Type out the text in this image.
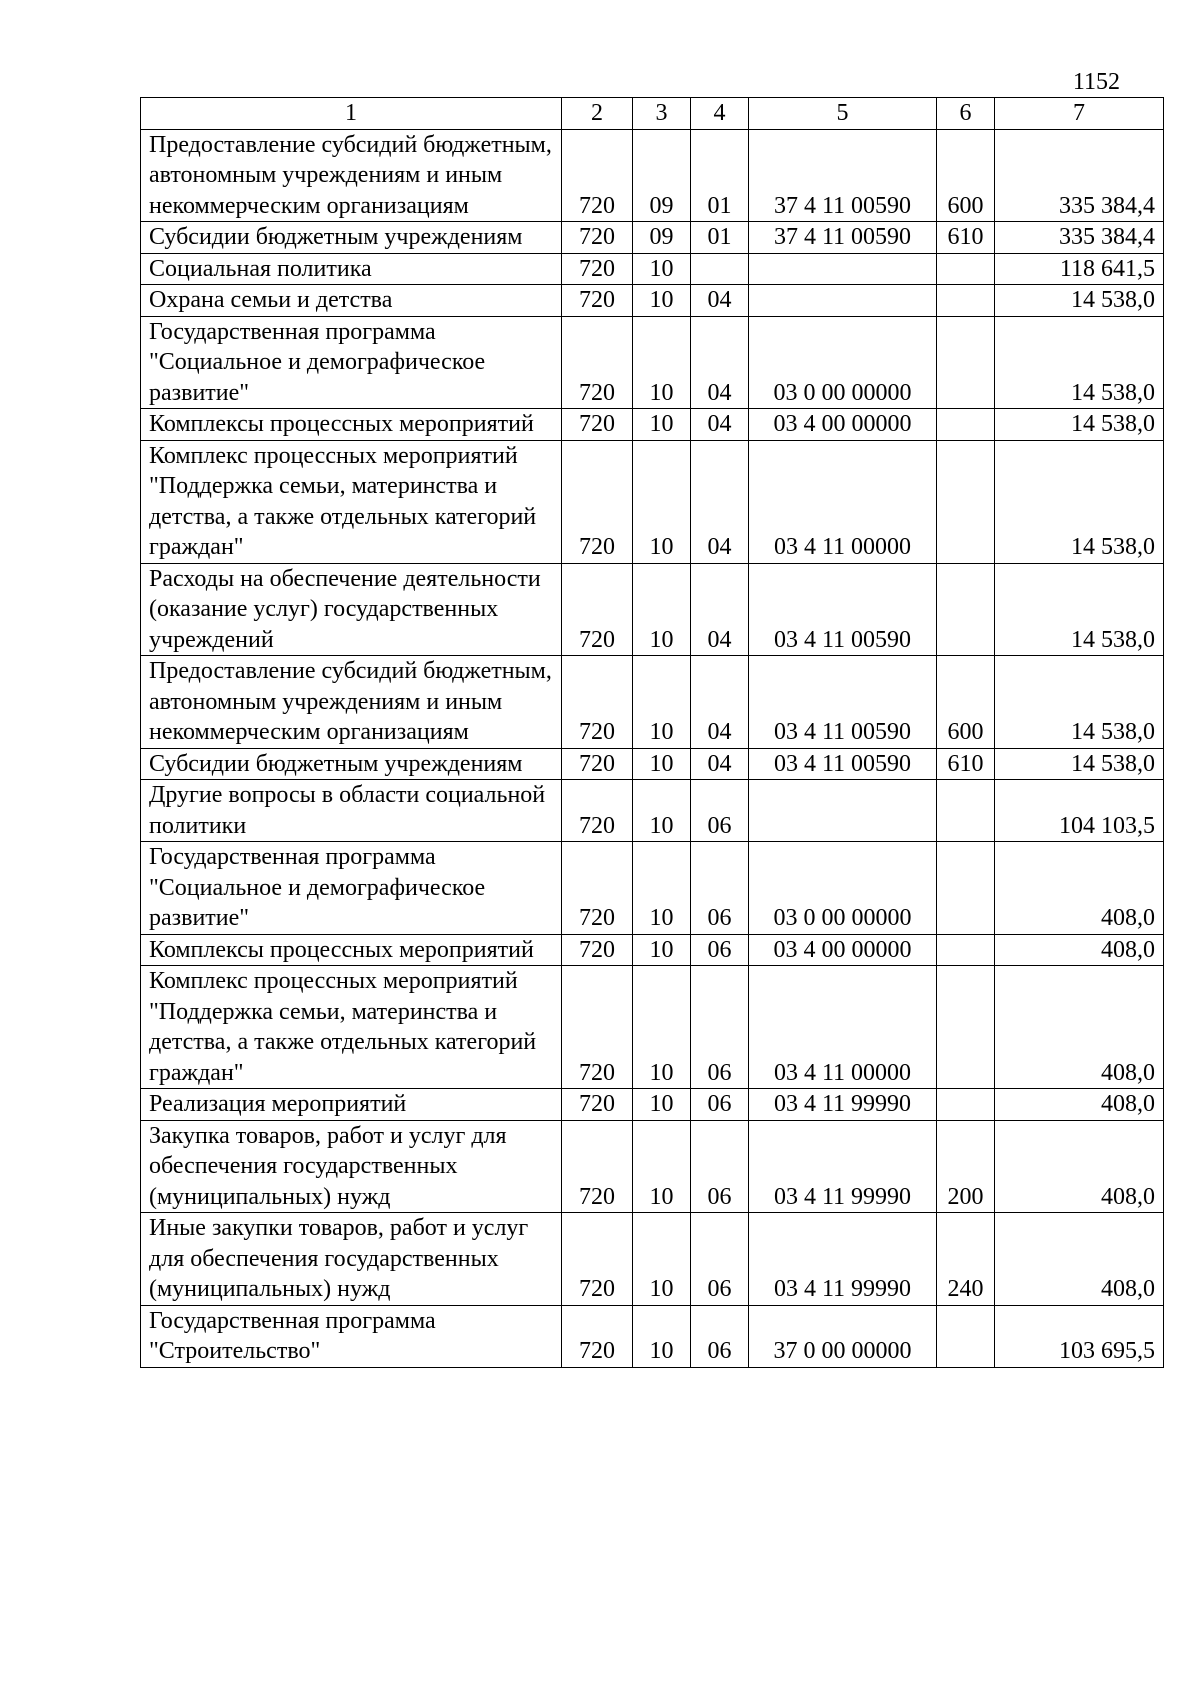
1152
1	2	3	4	5	6	7
Предоставление субсидий бюджетным, автономным учреждениям и иным некоммерческим организациям	720	09	01	37 4 11 00590	600	335 384,4
Субсидии бюджетным учреждениям	720	09	01	37 4 11 00590	610	335 384,4
Социальная политика	720	10				118 641,5
Охрана семьи и детства	720	10	04			14 538,0
Государственная программа "Социальное и демографическое развитие"	720	10	04	03 0 00 00000		14 538,0
Комплексы процессных мероприятий	720	10	04	03 4 00 00000		14 538,0
Комплекс процессных мероприятий "Поддержка семьи, материнства и детства, а также отдельных категорий граждан"	720	10	04	03 4 11 00000		14 538,0
Расходы на обеспечение деятельности (оказание услуг) государственных учреждений	720	10	04	03 4 11 00590		14 538,0
Предоставление субсидий бюджетным, автономным учреждениям и иным некоммерческим организациям	720	10	04	03 4 11 00590	600	14 538,0
Субсидии бюджетным учреждениям	720	10	04	03 4 11 00590	610	14 538,0
Другие вопросы в области социальной политики	720	10	06			104 103,5
Государственная программа "Социальное и демографическое развитие"	720	10	06	03 0 00 00000		408,0
Комплексы процессных мероприятий	720	10	06	03 4 00 00000		408,0
Комплекс процессных мероприятий "Поддержка семьи, материнства и детства, а также отдельных категорий граждан"	720	10	06	03 4 11 00000		408,0
Реализация мероприятий	720	10	06	03 4 11 99990		408,0
Закупка товаров, работ и услуг для обеспечения государственных (муниципальных) нужд	720	10	06	03 4 11 99990	200	408,0
Иные закупки товаров, работ и услуг для обеспечения государственных (муниципальных) нужд	720	10	06	03 4 11 99990	240	408,0
Государственная программа "Строительство"	720	10	06	37 0 00 00000		103 695,5
